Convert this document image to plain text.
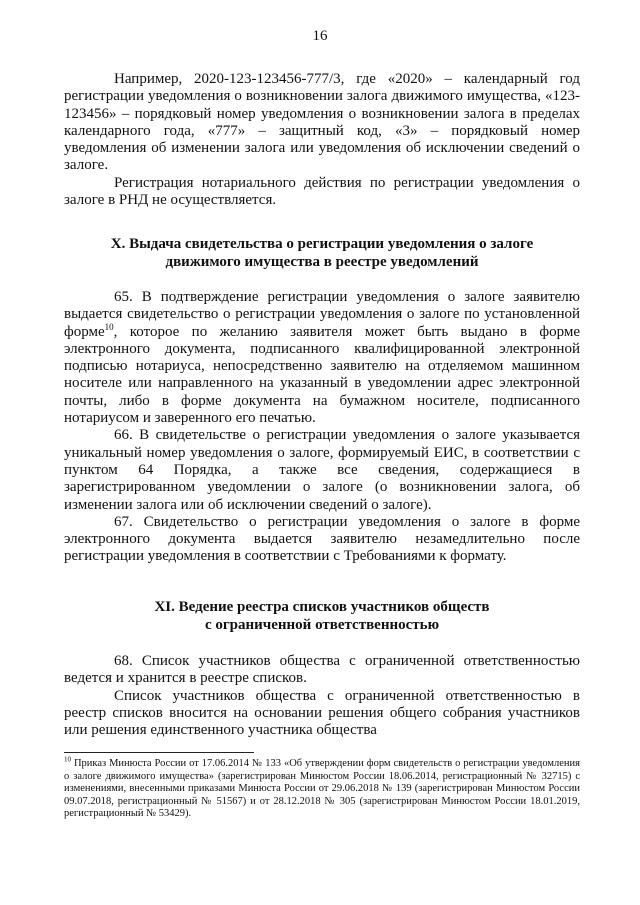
16

Например, 2020-123-123456-777/3, где «2020» – календарный год регистрации уведомления о возникновении залога движимого имущества, «123-123456» – порядковый номер уведомления о возникновении залога в пределах календарного года, «777» – защитный код, «3» – порядковый номер уведомления об изменении залога или уведомления об исключении сведений о залоге.

Регистрация нотариального действия по регистрации уведомления о залоге в РНД не осуществляется.

X. Выдача свидетельства о регистрации уведомления о залоге
движимого имущества в реестре уведомлений

65. В подтверждение регистрации уведомления о залоге заявителю выдается свидетельство о регистрации уведомления о залоге по установленной форме$^{10}$, которое по желанию заявителя может быть выдано в форме электронного документа, подписанного квалифицированной электронной подписью нотариуса, непосредственно заявителю на отделяемом машинном носителе или направленного на указанный в уведомлении адрес электронной почты, либо в форме документа на бумажном носителе, подписанного нотариусом и заверенного его печатью.

66. В свидетельстве о регистрации уведомления о залоге указывается уникальный номер уведомления о залоге, формируемый ЕИС, в соответствии с пунктом 64 Порядка, а также все сведения, содержащиеся в зарегистрированном уведомлении о залоге (о возникновении залога, об изменении залога или об исключении сведений о залоге).

67. Свидетельство о регистрации уведомления о залоге в форме электронного документа выдается заявителю незамедлительно после регистрации уведомления в соответствии с Требованиями к формату.

XI. Ведение реестра списков участников обществ
с ограниченной ответственностью

68. Список участников общества с ограниченной ответственностью ведется и хранится в реестре списков.

Список участников общества с ограниченной ответственностью в реестр списков вносится на основании решения общего собрания участников или решения единственного участника общества

$^{10}$ Приказ Минюста России от 17.06.2014 № 133 «Об утверждении форм свидетельств о регистрации уведомления о залоге движимого имущества» (зарегистрирован Минюстом России 18.06.2014, регистрационный № 32715) с изменениями, внесенными приказами Минюста России от 29.06.2018 № 139 (зарегистрирован Минюстом России 09.07.2018, регистрационный № 51567) и от 28.12.2018 № 305 (зарегистрирован Минюстом России 18.01.2019, регистрационный № 53429).
